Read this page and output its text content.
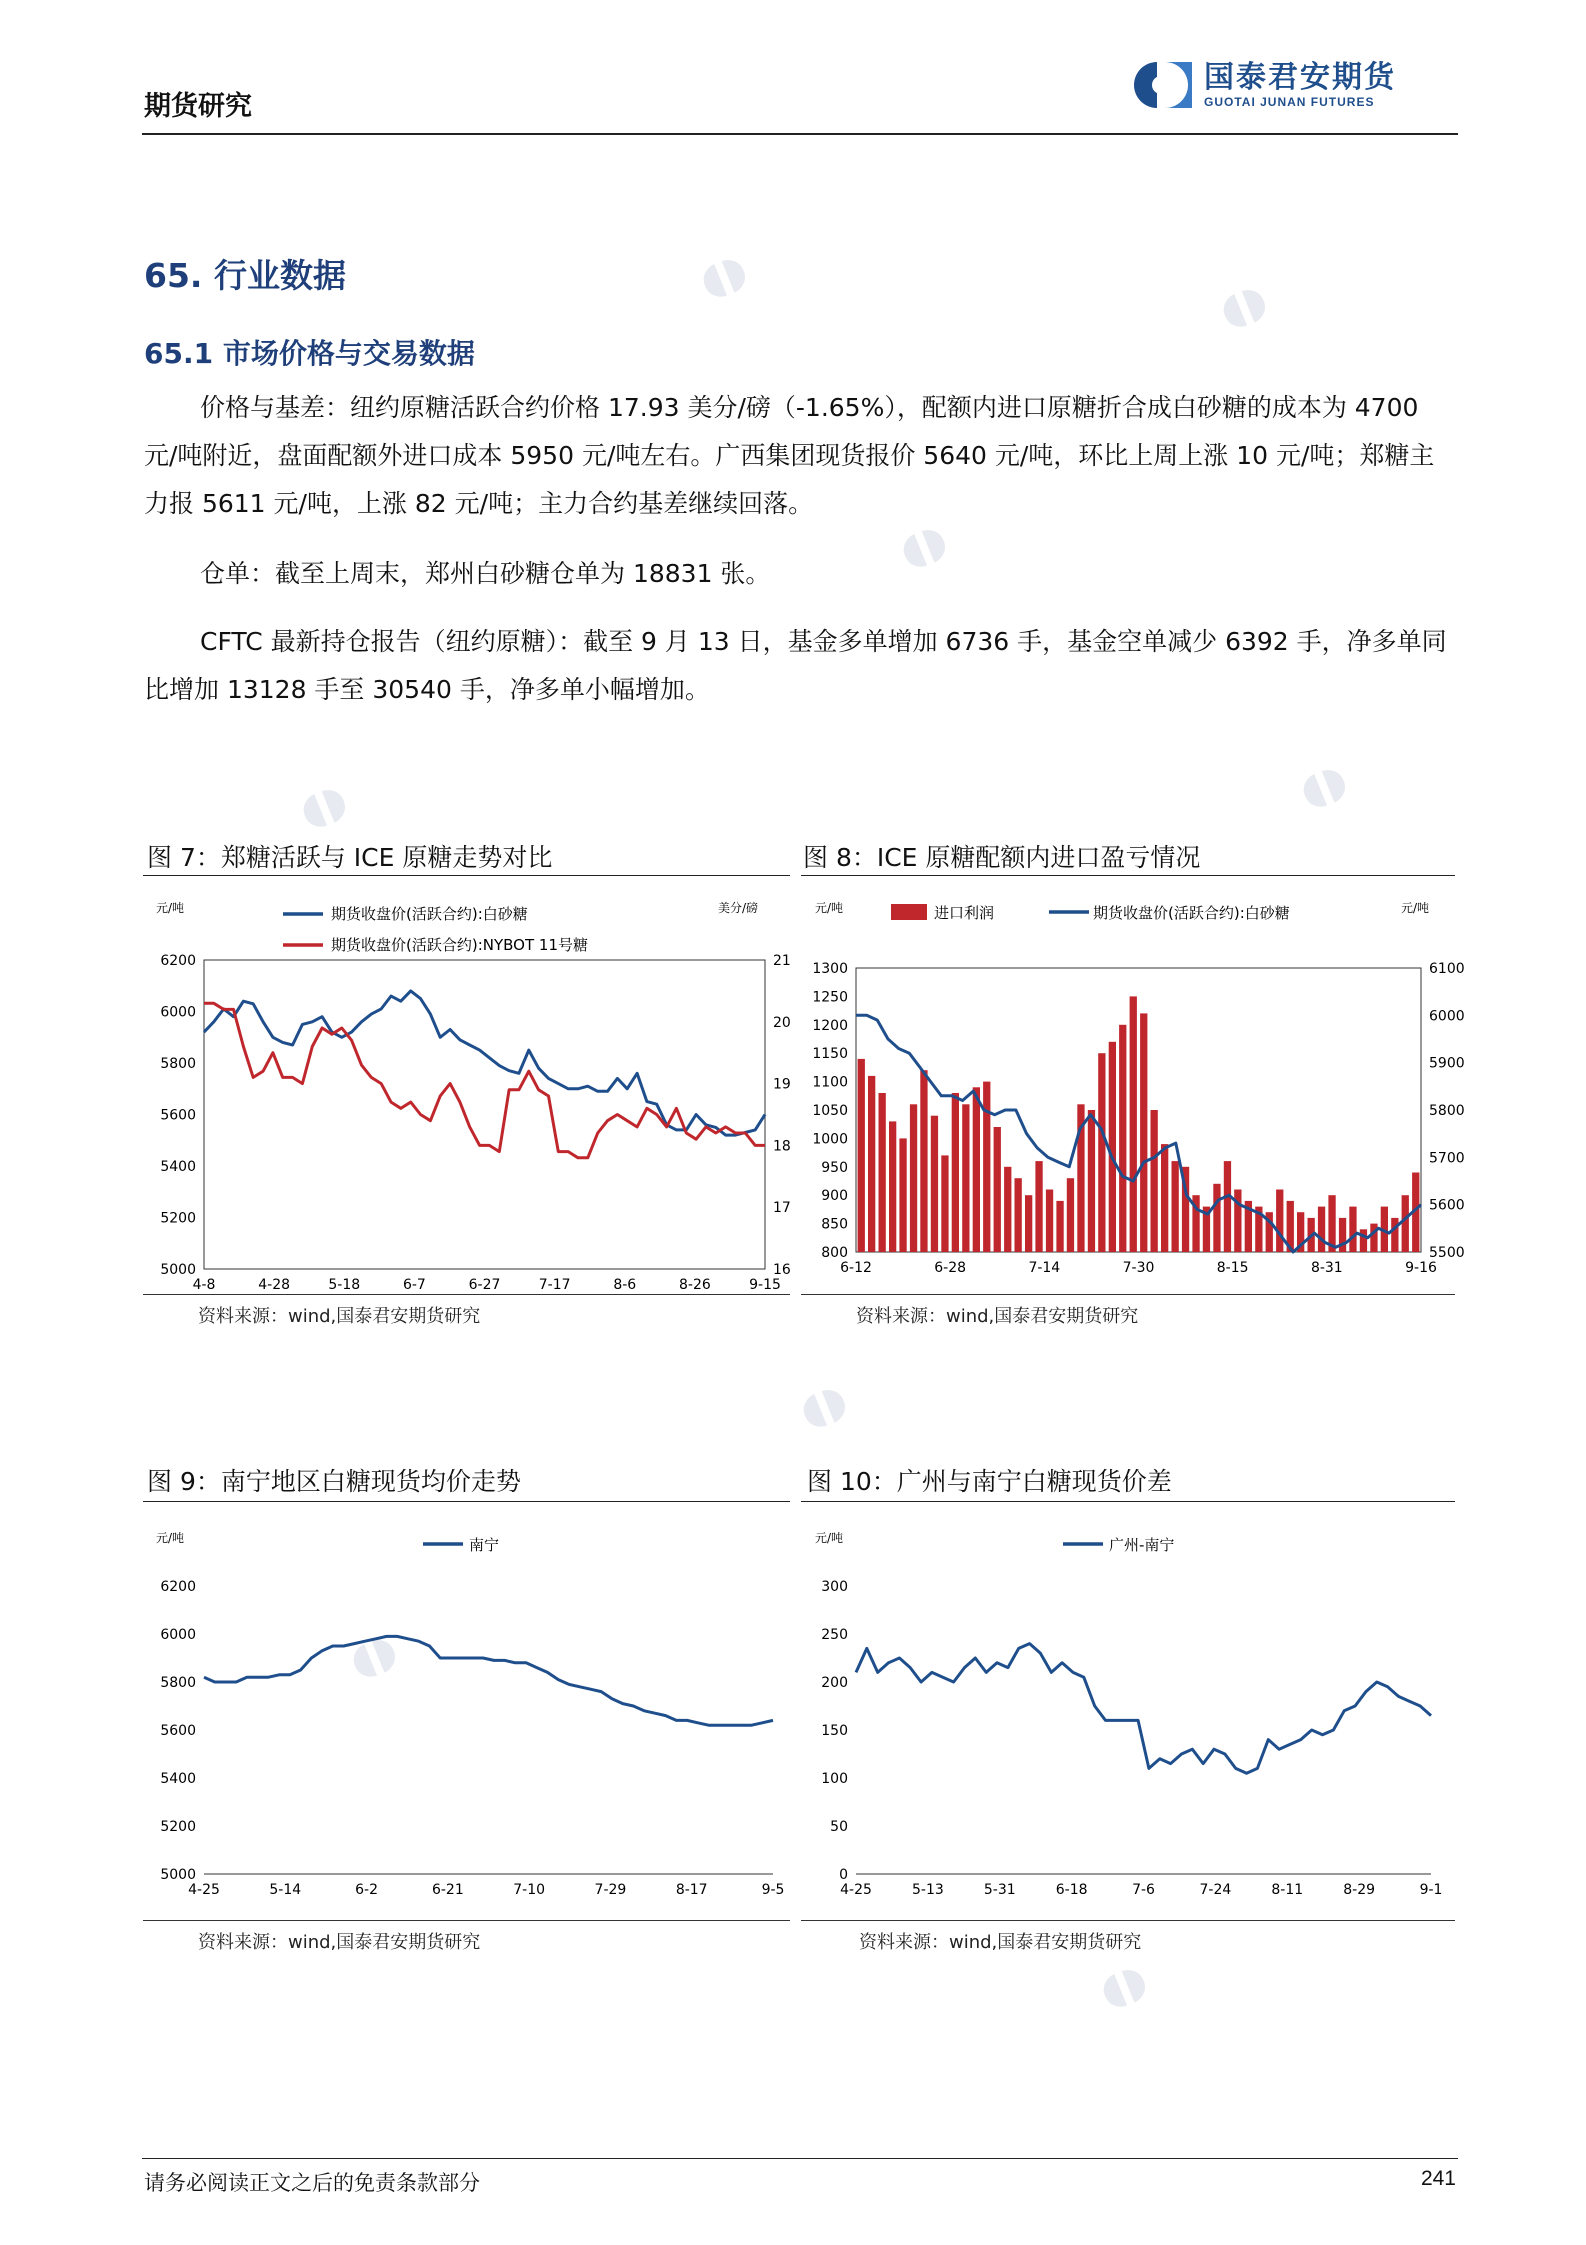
◖◗	◖◗
◖◗
◖◗	◖◗
◖◗
◖◗
◖◗
期货研究
国泰君安期货
GUOTAI JUNAN FUTURES
65. 行业数据
65.1 市场价格与交易数据
价格与基差：纽约原糖活跃合约价格 17.93 美分/磅（-1.65%），配额内进口原糖折合成白砂糖的成本为 4700 元/吨附近，盘面配额外进口成本 5950 元/吨左右。广西集团现货报价 5640 元/吨，环比上周上涨 10 元/吨；郑糖主力报 5611 元/吨，上涨 82 元/吨；主力合约基差继续回落。
仓单：截至上周末，郑州白砂糖仓单为 18831 张。
CFTC 最新持仓报告（纽约原糖）：截至 9 月 13 日，基金多单增加 6736 手，基金空单减少 6392 手，净多单同比增加 13128 手至 30540 手，净多单小幅增加。
图 7：郑糖活跃与 ICE 原糖走势对比
元/吨	美分/磅
期货收盘价(活跃合约):白砂糖
期货收盘价(活跃合约):NYBOT 11号糖
5000
5200
5400
5600
5800
6000
6200
16
17
18
19
20
21
4-8	4-28	5-18	6-7	6-27	7-17	8-6	8-26	9-15
资料来源：wind,国泰君安期货研究
图 8：ICE 原糖配额内进口盈亏情况
元/吨	元/吨
进口利润	期货收盘价(活跃合约):白砂糖
800
850
900
950
1000
1050
1100
1150
1200
1250
1300
5500
5600
5700
5800
5900
6000
6100
6-12	6-28	7-14	7-30	8-15	8-31	9-16
资料来源：wind,国泰君安期货研究
图 9：南宁地区白糖现货均价走势
元/吨	南宁
5000
5200
5400
5600
5800
6000
6200
4-25	5-14	6-2	6-21	7-10	7-29	8-17	9-5
资料来源：wind,国泰君安期货研究
图 10：广州与南宁白糖现货价差
元/吨	广州-南宁
0
50
100
150
200
250
300
4-25	5-13	5-31	6-18	7-6	7-24	8-11	8-29	9-1
资料来源：wind,国泰君安期货研究
请务必阅读正文之后的免责条款部分	241
